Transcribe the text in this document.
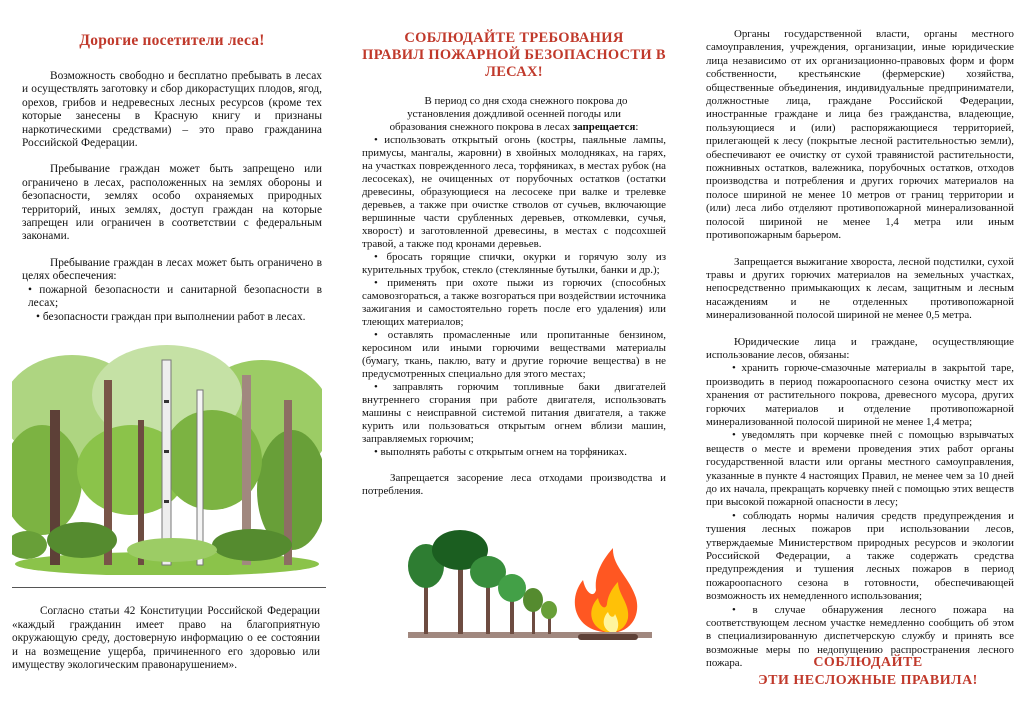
Дорогие посетители леса!

Возможность свободно и бесплатно пребывать в лесах и осуществлять заготовку и сбор дикорастущих плодов, ягод, орехов, грибов и недревесных лесных ресурсов (кроме тех которые занесены в Красную книгу и признаны наркотическими средствами) – это право гражданина Российской Федерации.

Пребывание граждан может быть запрещено или ограничено в лесах, расположенных на землях обороны и безопасности, землях особо охраняемых природных территорий, иных землях, доступ граждан на которые запрещен или ограничен в соответствии с федеральным законами.

Пребывание граждан в лесах может быть ограничено в целях обеспечения:

• пожарной безопасности и санитарной безопасности в лесах;

• безопасности граждан при выполнении работ в лесах.

Согласно статьи 42 Конституции Российской Федерации «каждый гражданин имеет право на благоприятную окружающую среду, достоверную информацию о ее состоянии и на возмещение ущерба, причиненного его здоровью или имуществу экологическим правонарушением».

СОБЛЮДАЙТЕ ТРЕБОВАНИЯ
ПРАВИЛ ПОЖАРНОЙ БЕЗОПАСНОСТИ В ЛЕСАХ!

В период со дня схода снежного покрова до установления дождливой осенней погоды или образования снежного покрова в лесах запрещается:

• использовать открытый огонь (костры, паяльные лампы, примусы, мангалы, жаровни) в хвойных молодняках, на гарях, на участках поврежденного леса, торфяниках, в местах рубок (на лесосеках), не очищенных от порубочных остатков (остатки древесины, образующиеся на лесосеке при валке и трелевке деревьев, а также при очистке стволов от сучьев, включающие вершинные части срубленных деревьев, откомлевки, сучья, хворост) и заготовленной древесины, в местах с подсохшей травой, а также под кронами деревьев.

• бросать горящие спички, окурки и горячую золу из курительных трубок, стекло (стеклянные бутылки, банки и др.);

• применять при охоте пыжи из горючих (способных самовозгораться, а также возгораться при воздействии источника зажигания и самостоятельно гореть после его удаления) или тлеющих материалов;

• оставлять промасленные или пропитанные бензином, керосином или иными горючими веществами материалы (бумагу, ткань, паклю, вату и другие горючие вещества) в не предусмотренных специально для этого местах;

• заправлять горючим топливные баки двигателей внутреннего сгорания при работе двигателя, использовать машины с неисправной системой питания двигателя, а также курить или пользоваться открытым огнем вблизи машин, заправляемых горючим;

• выполнять работы с открытым огнем на торфяниках.

Запрещается засорение леса отходами производства и потребления.

Органы государственной власти, органы местного самоуправления, учреждения, организации, иные юридические лица независимо от их организационно-правовых форм и форм собственности, крестьянские (фермерские) хозяйства, общественные объединения, индивидуальные предприниматели, должностные лица, граждане Российской Федерации, иностранные граждане и лица без гражданства, владеющие, пользующиеся и (или) распоряжающиеся территорией, прилегающей к лесу (покрытые лесной растительностью земли), обеспечивают ее очистку от сухой травянистой растительности, пожнивных остатков, валежника, порубочных остатков, отходов производства и потребления и других горючих материалов на полосе шириной не менее 10 метров от границ территории и (или) леса либо отделяют противопожарной минерализованной полосой шириной не менее 1,4 метра или иным противопожарным барьером.

Запрещается выжигание хвороста, лесной подстилки, сухой травы и других горючих материалов на земельных участках, непосредственно примыкающих к лесам, защитным и лесным насаждениям и не отделенных противопожарной минерализованной полосой шириной не менее 0,5 метра.

Юридические лица и граждане, осуществляющие использование лесов, обязаны:

• хранить горюче-смазочные материалы в закрытой таре, производить в период пожароопасного сезона очистку мест их хранения от растительного покрова, древесного мусора, других горючих материалов и отделение противопожарной минерализованной полосой шириной не менее 1,4 метра;

• уведомлять при корчевке пней с помощью взрывчатых веществ о месте и времени проведения этих работ органы государственной власти или органы местного самоуправления, указанные в пункте 4 настоящих Правил, не менее чем за 10 дней до их начала, прекращать корчевку пней с помощью этих веществ при высокой пожарной опасности в лесу;

• соблюдать нормы наличия средств предупреждения и тушения лесных пожаров при использовании лесов, утверждаемые Министерством природных ресурсов и экологии Российской Федерации, а также содержать средства предупреждения и тушения лесных пожаров в период пожароопасного сезона в готовности, обеспечивающей возможность их немедленного использования;

• в случае обнаружения лесного пожара на соответствующем лесном участке немедленно сообщить об этом в специализированную диспетчерскую службу и принять все возможные меры по недопущению распространения лесного пожара.	СОБЛЮДАЙТЕ
ЭТИ НЕСЛОЖНЫЕ ПРАВИЛА!
